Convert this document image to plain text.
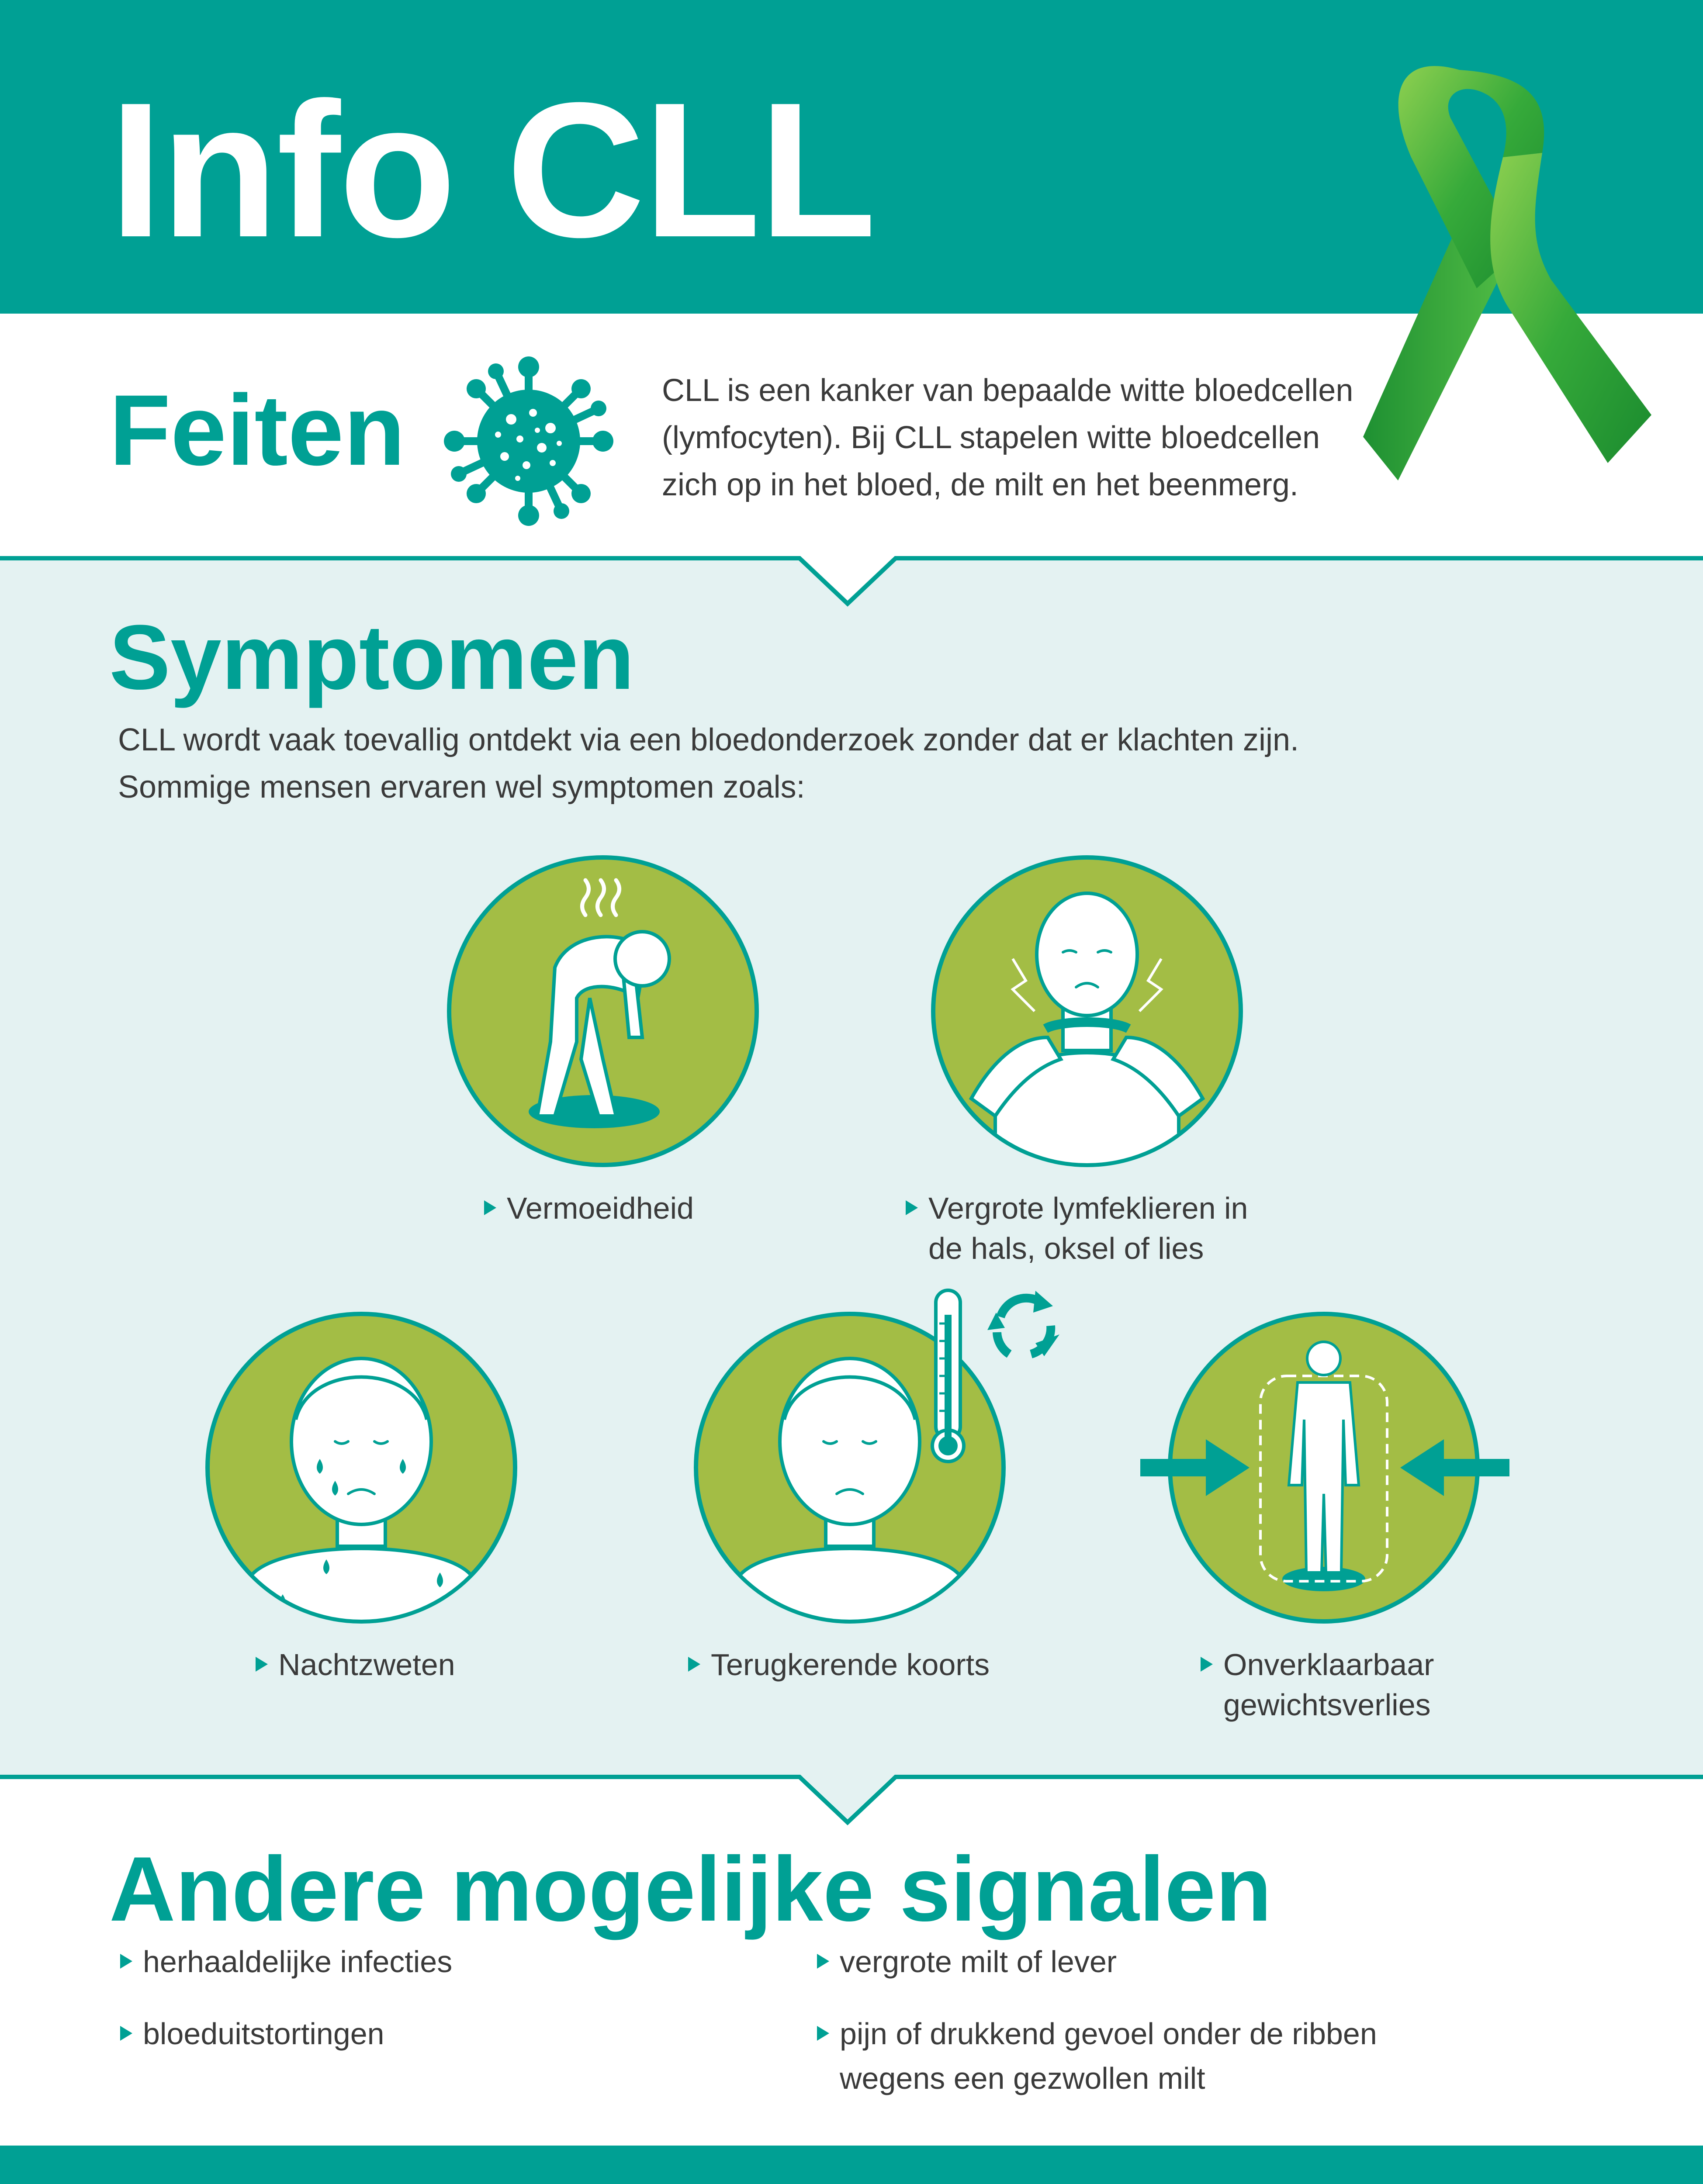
Info CLL
Feiten	CLL is een kanker van bepaalde witte bloedcellen
(lymfocyten). Bij CLL stapelen witte bloedcellen
zich op in het bloed, de milt en het beenmerg.
Symptomen
CLL wordt vaak toevallig ontdekt via een bloedonderzoek zonder dat er klachten zijn.
Sommige mensen ervaren wel symptomen zoals:
Vermoeidheid	Vergrote lymfeklieren in
de hals, oksel of lies
Nachtzweten	Terugkerende koorts	Onverklaarbaar
gewichtsverlies
Andere mogelijke signalen
herhaaldelijke infecties
bloeduitstortingen
vergrote milt of lever
pijn of drukkend gevoel onder de ribben
wegens een gezwollen milt
